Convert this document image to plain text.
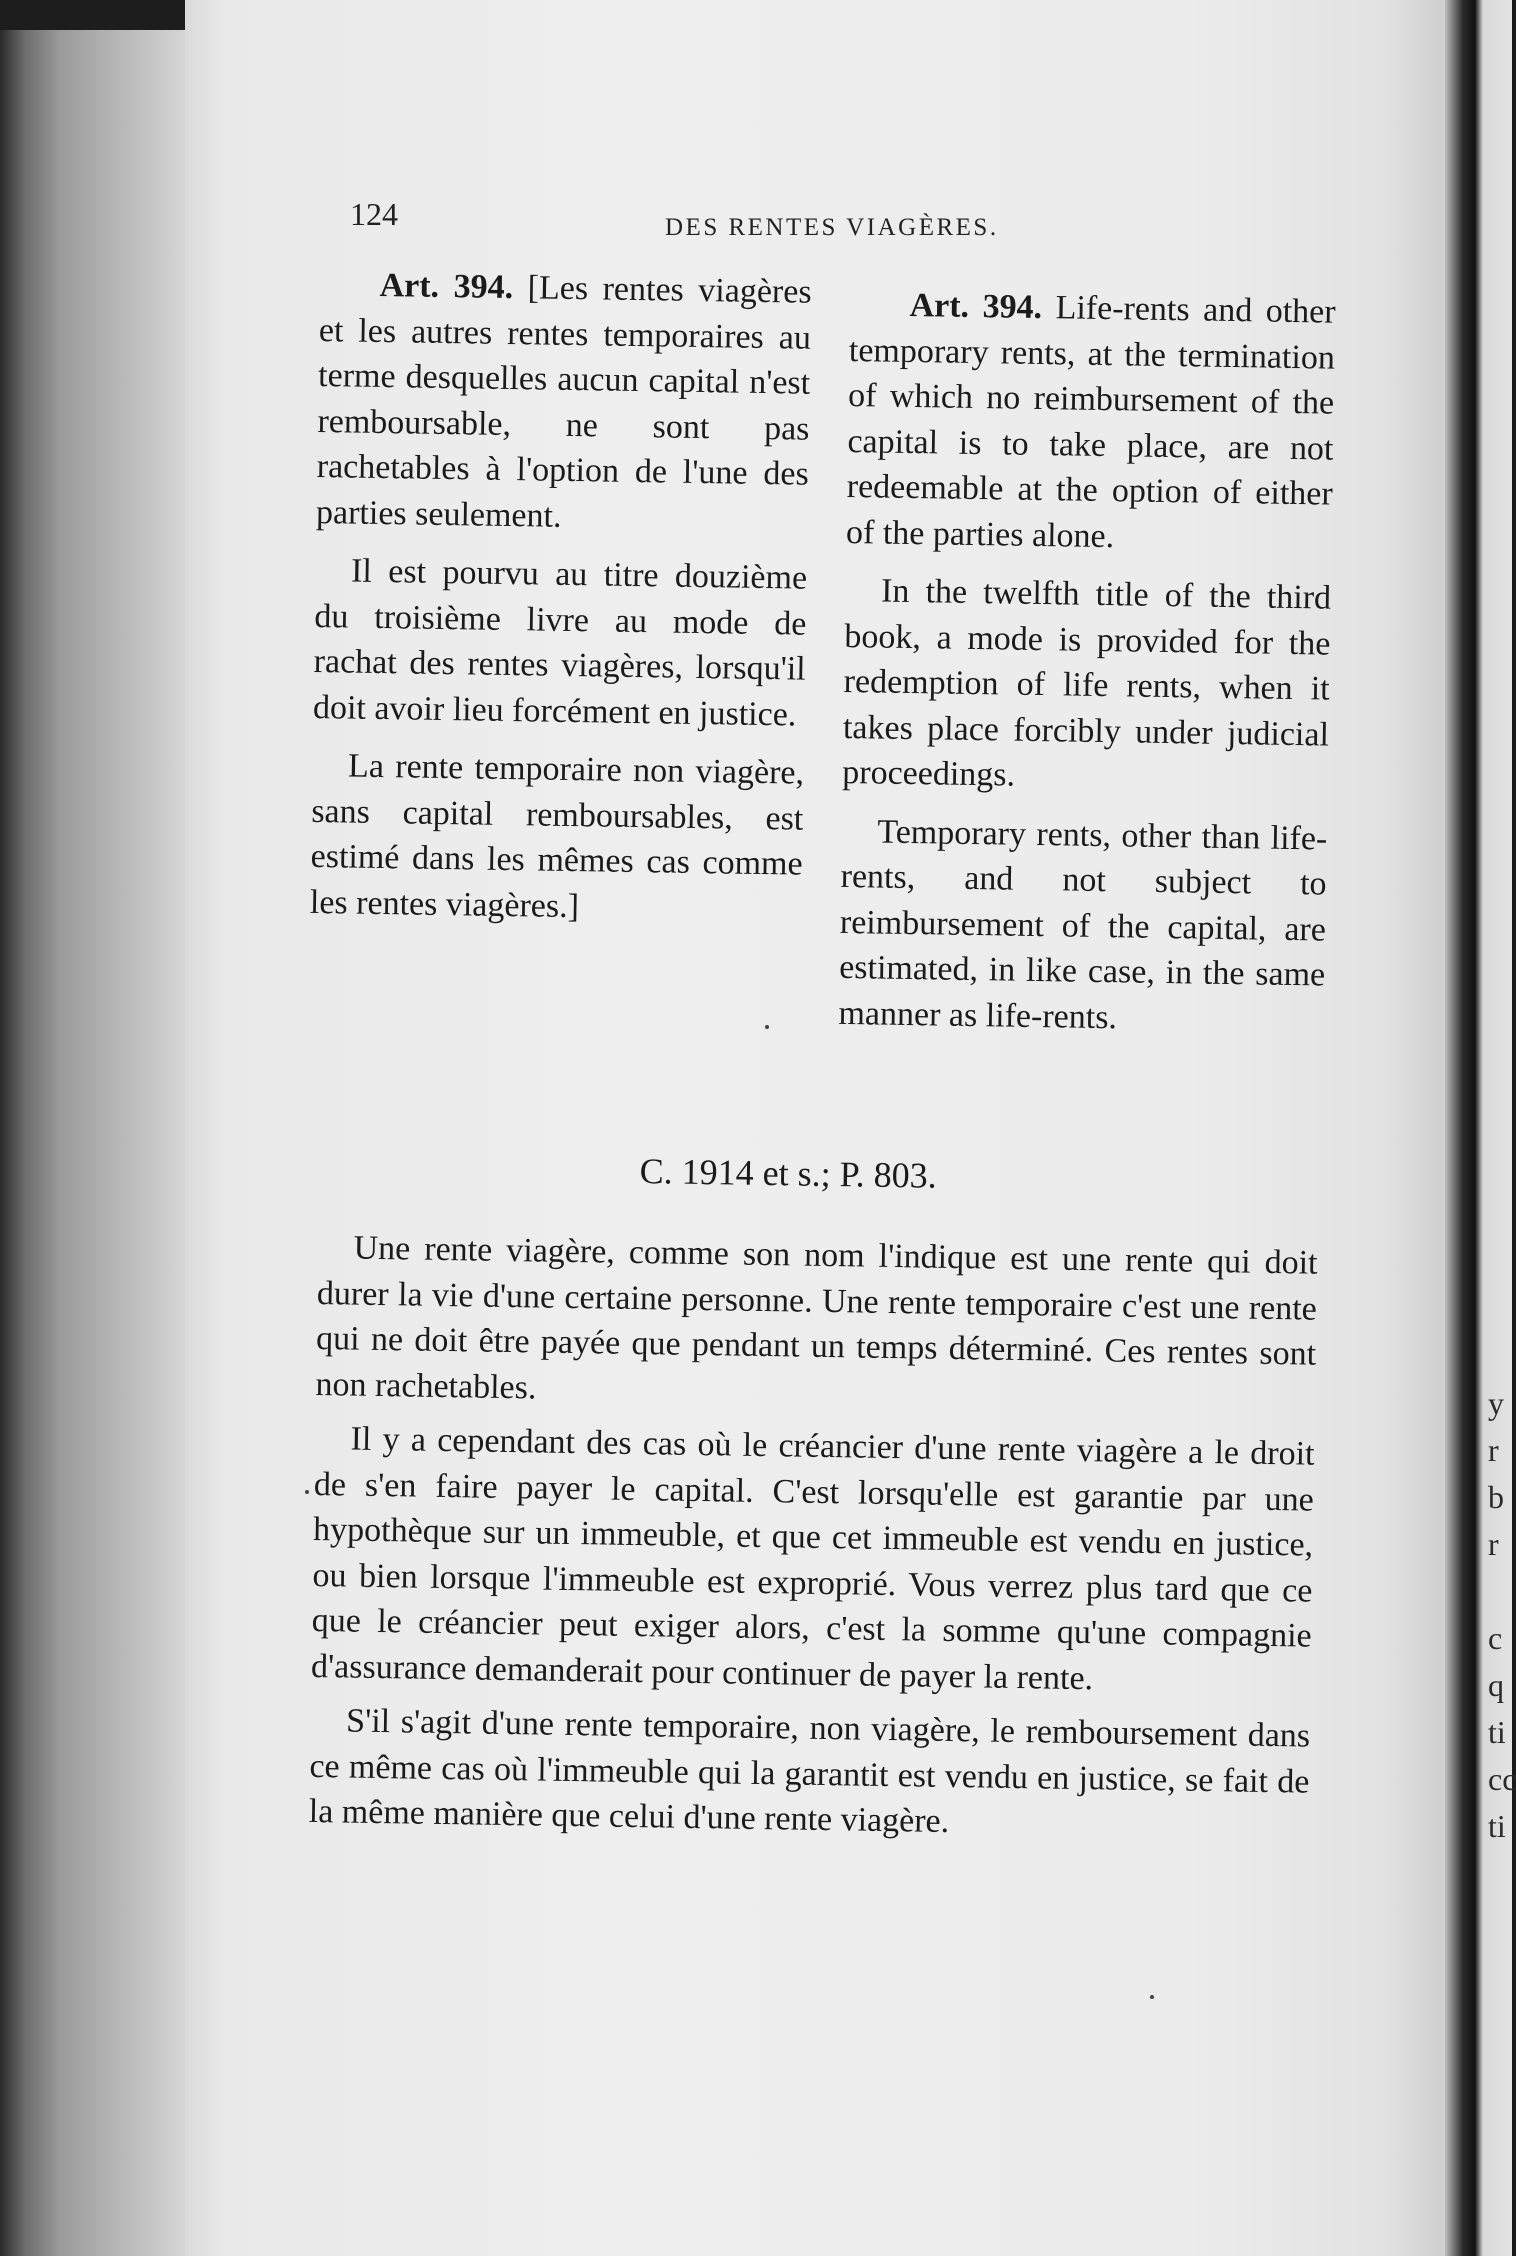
y
r
b
r

c
q
ti
cc
ti
124	DES RENTES VIAGÈRES.

Art. 394. [Les rentes viagères et les autres rentes temporaires au terme desquelles aucun capital n'est remboursable, ne sont pas rachetables à l'option de l'une des parties seulement.

Il est pourvu au titre douzième du troisième livre au mode de rachat des rentes viagères, lorsqu'il doit avoir lieu forcément en justice.

La rente temporaire non viagère, sans capital remboursables, est estimé dans les mêmes cas comme les rentes viagères.]

Art. 394. Life-rents and other temporary rents, at the termination of which no reimbursement of the capital is to take place, are not redeemable at the option of either of the parties alone.

In the twelfth title of the third book, a mode is provided for the redemption of life rents, when it takes place forcibly under judicial proceedings.

Temporary rents, other than life-rents, and not subject to reimbursement of the capital, are estimated, in like case, in the same manner as life-rents.

C. 1914 et s.; P. 803.

Une rente viagère, comme son nom l'indique est une rente qui doit durer la vie d'une certaine personne. Une rente temporaire c'est une rente qui ne doit être payée que pendant un temps déterminé. Ces rentes sont non rachetables.

Il y a cependant des cas où le créancier d'une rente viagère a le droit de s'en faire payer le capital. C'est lorsqu'elle est garantie par une hypothèque sur un immeuble, et que cet immeuble est vendu en justice, ou bien lorsque l'immeuble est exproprié. Vous verrez plus tard que ce que le créancier peut exiger alors, c'est la somme qu'une compagnie d'assurance demanderait pour continuer de payer la rente.

S'il s'agit d'une rente temporaire, non viagère, le remboursement dans ce même cas où l'immeuble qui la garantit est vendu en justice, se fait de la même manière que celui d'une rente viagère.
